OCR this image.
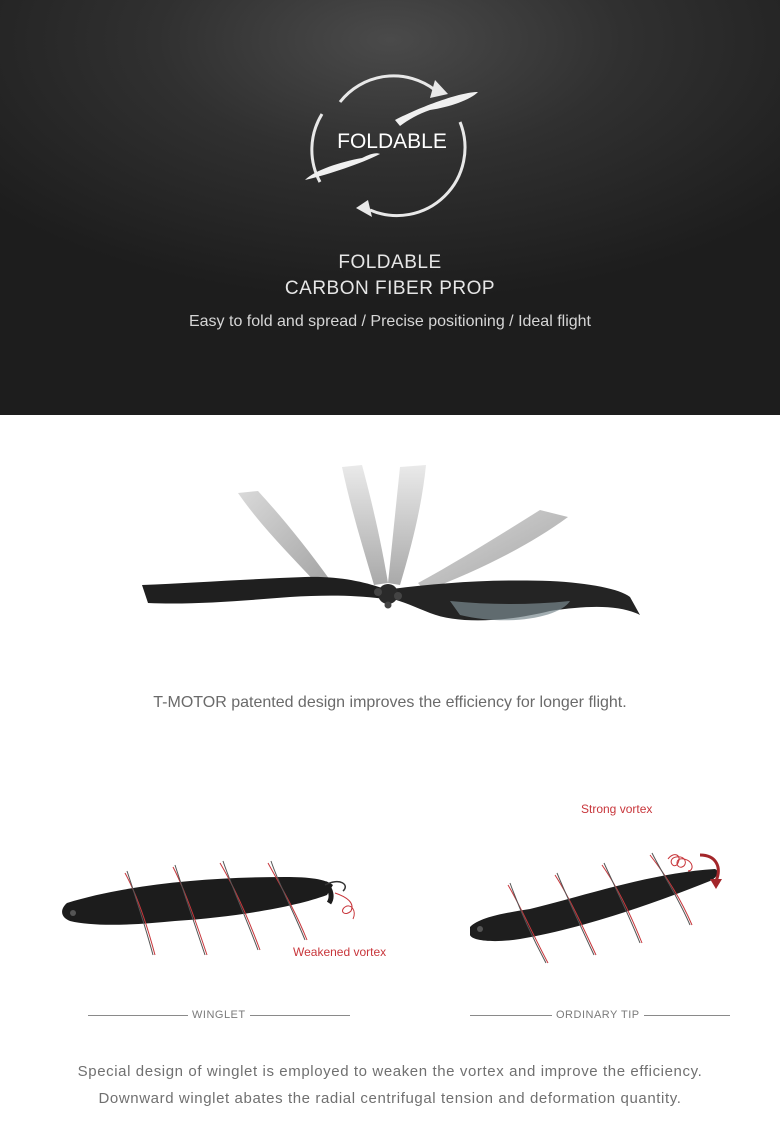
FOLDABLE
FOLDABLE
CARBON FIBER PROP
Easy to fold and spread / Precise positioning / Ideal flight
T-MOTOR patented design improves the efficiency for longer flight.
Weakened vortex
Strong vortex
WINGLET	ORDINARY TIP
Special design of winglet is employed to weaken the vortex and improve the efficiency.
Downward winglet abates the radial centrifugal tension and deformation quantity.
